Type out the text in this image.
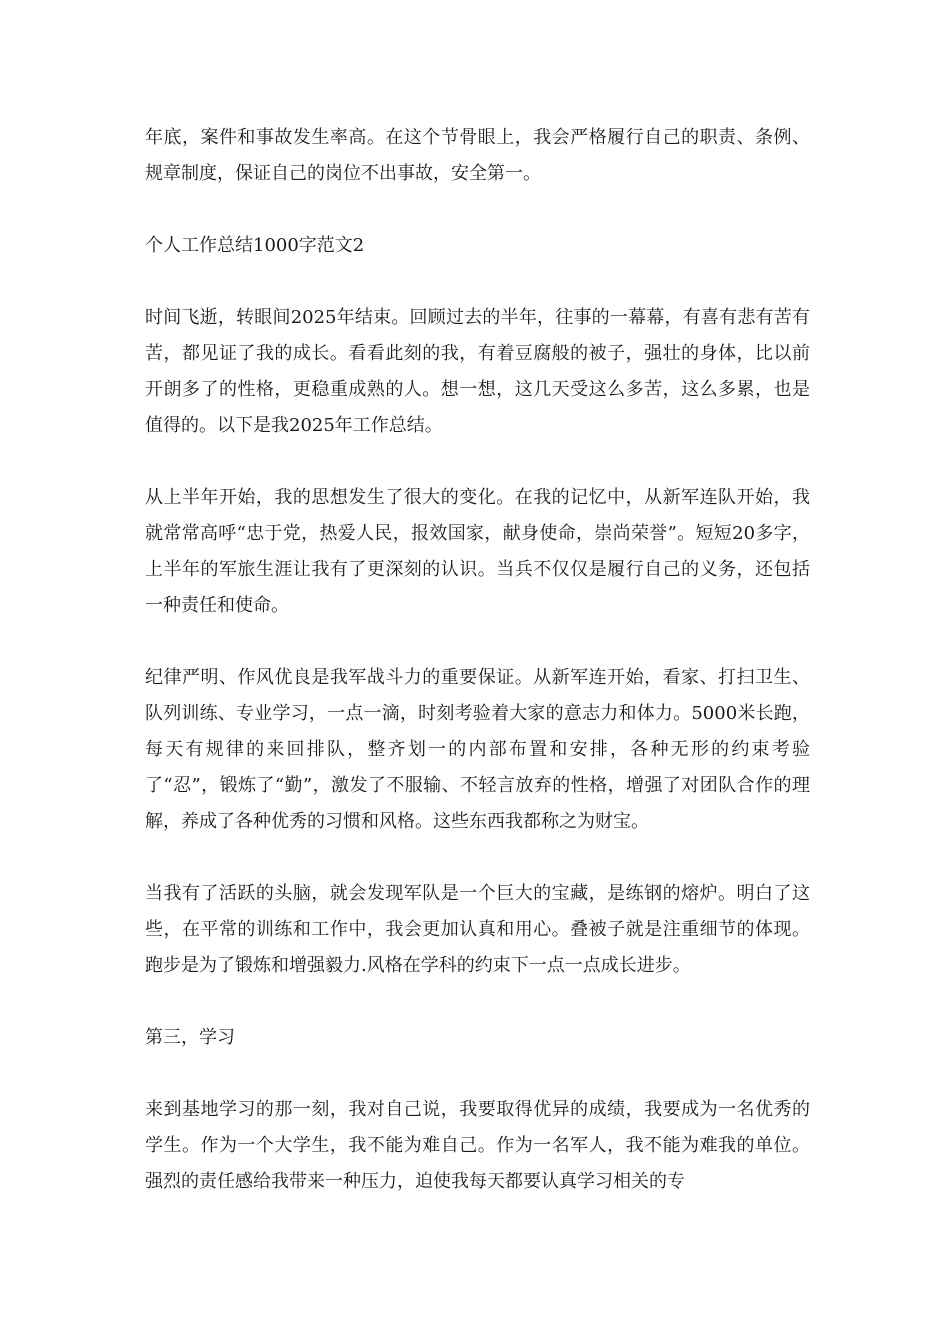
年底，案件和事故发生率高。在这个节骨眼上，我会严格履行自己的职责、条例、规章制度，保证自己的岗位不出事故，安全第一。

个人工作总结1000字范文2

时间飞逝，转眼间2025年结束。回顾过去的半年，往事的一幕幕，有喜有悲有苦有苦，都见证了我的成长。看看此刻的我，有着豆腐般的被子，强壮的身体，比以前开朗多了的性格，更稳重成熟的人。想一想，这几天受这么多苦，这么多累，也是值得的。以下是我2025年工作总结。

从上半年开始，我的思想发生了很大的变化。在我的记忆中，从新军连队开始，我就常常高呼“忠于党，热爱人民，报效国家，献身使命，崇尚荣誉”。短短20多字，上半年的军旅生涯让我有了更深刻的认识。当兵不仅仅是履行自己的义务，还包括一种责任和使命。

纪律严明、作风优良是我军战斗力的重要保证。从新军连开始，看家、打扫卫生、队列训练、专业学习，一点一滴，时刻考验着大家的意志力和体力。5000米长跑，每天有规律的来回排队，整齐划一的内部布置和安排，各种无形的约束考验了“忍”，锻炼了“勤”，激发了不服输、不轻言放弃的性格，增强了对团队合作的理解，养成了各种优秀的习惯和风格。这些东西我都称之为财宝。

当我有了活跃的头脑，就会发现军队是一个巨大的宝藏，是练钢的熔炉。明白了这些，在平常的训练和工作中，我会更加认真和用心。叠被子就是注重细节的体现。跑步是为了锻炼和增强毅力.风格在学科的约束下一点一点成长进步。

第三，学习

来到基地学习的那一刻，我对自己说，我要取得优异的成绩，我要成为一名优秀的学生。作为一个大学生，我不能为难自己。作为一名军人，我不能为难我的单位。强烈的责任感给我带来一种压力，迫使我每天都要认真学习相关的专
